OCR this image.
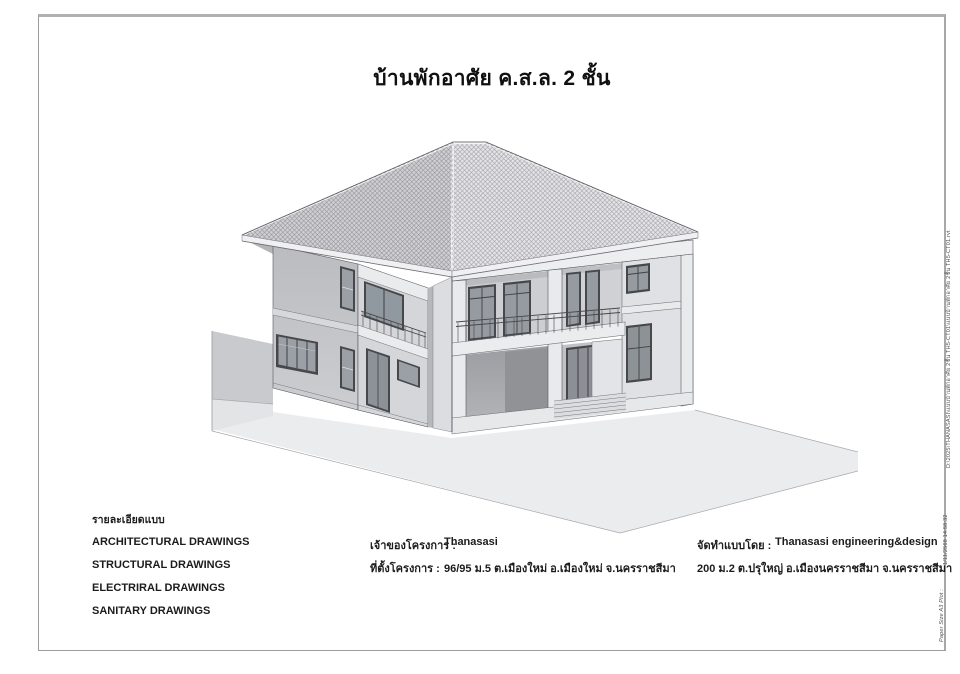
บ้านพักอาศัย ค.ส.ล. 2 ชั้น
รายละเอียดแบบ
ARCHITECTURAL DRAWINGS
STRUCTURAL DRAWINGS
ELECTRIRAL DRAWINGS
SANITARY DRAWINGS
เจ้าของโครงการ :
Thanasasi
ที่ตั้งโครงการ : 96/95 ม.5 ต.เมืองใหม่ อ.เมืองใหม่ จ.นครราชสีมา
จัดทำแบบโดย : Thanasasi engineering&design
200 ม.2 ต.ปรุใหญ่ อ.เมืองนครราชสีมา จ.นครราชสีมา
D:\2025\THANASASI\แบบบ้านพักอาศัย 2ชั้น TH5-CT01\แบบบ้านพักอาศัย 2ชั้น TH5-CT01.rvt
1/11/2568 14:58:32
Paper Size A3 Plot :
